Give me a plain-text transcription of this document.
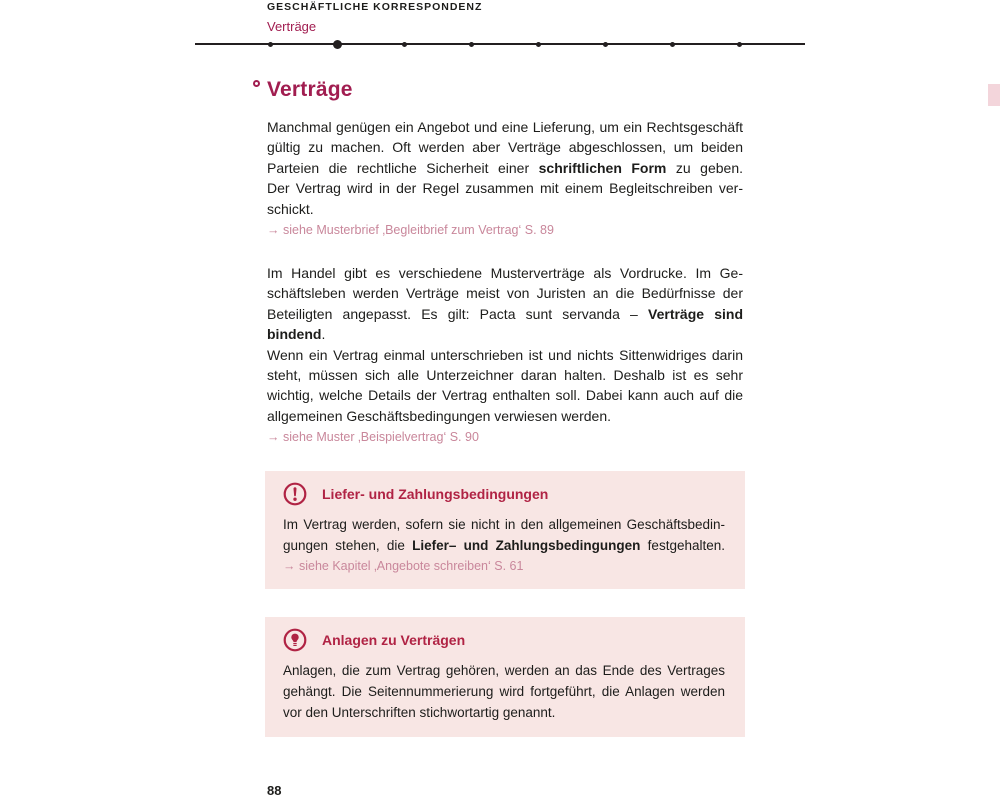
GESCHÄFTLICHE KORRESPONDENZ
Verträge
Verträge
Manchmal genügen ein Angebot und eine Lieferung, um ein Rechtsgeschäft
gültig zu machen. Oft werden aber Verträge abgeschlossen, um beiden
Parteien die rechtliche Sicherheit einer schriftlichen Form zu geben.
Der Vertrag wird in der Regel zusammen mit einem Begleitschreiben ver-
schickt.
→ siehe Musterbrief ‚Begleitbrief zum Vertrag‘ S. 89
Im Handel gibt es verschiedene Musterverträge als Vordrucke. Im Ge-
schäftsleben werden Verträge meist von Juristen an die Bedürfnisse der
Beteiligten angepasst. Es gilt: Pacta sunt servanda – Verträge sind bindend.
Wenn ein Vertrag einmal unterschrieben ist und nichts Sittenwidriges darin
steht, müssen sich alle Unterzeichner daran halten. Deshalb ist es sehr
wichtig, welche Details der Vertrag enthalten soll. Dabei kann auch auf die
allgemeinen Geschäftsbedingungen verwiesen werden.
→ siehe Muster ‚Beispielvertrag‘ S. 90
Liefer- und Zahlungsbedingungen
Im Vertrag werden, sofern sie nicht in den allgemeinen Geschäftsbedin-
gungen stehen, die Liefer– und Zahlungsbedingungen festgehalten.
→ siehe Kapitel ‚Angebote schreiben‘ S. 61
Anlagen zu Verträgen
Anlagen, die zum Vertrag gehören, werden an das Ende des Vertrages
gehängt. Die Seitennummerierung wird fortgeführt, die Anlagen werden
vor den Unterschriften stichwortartig genannt.
88
